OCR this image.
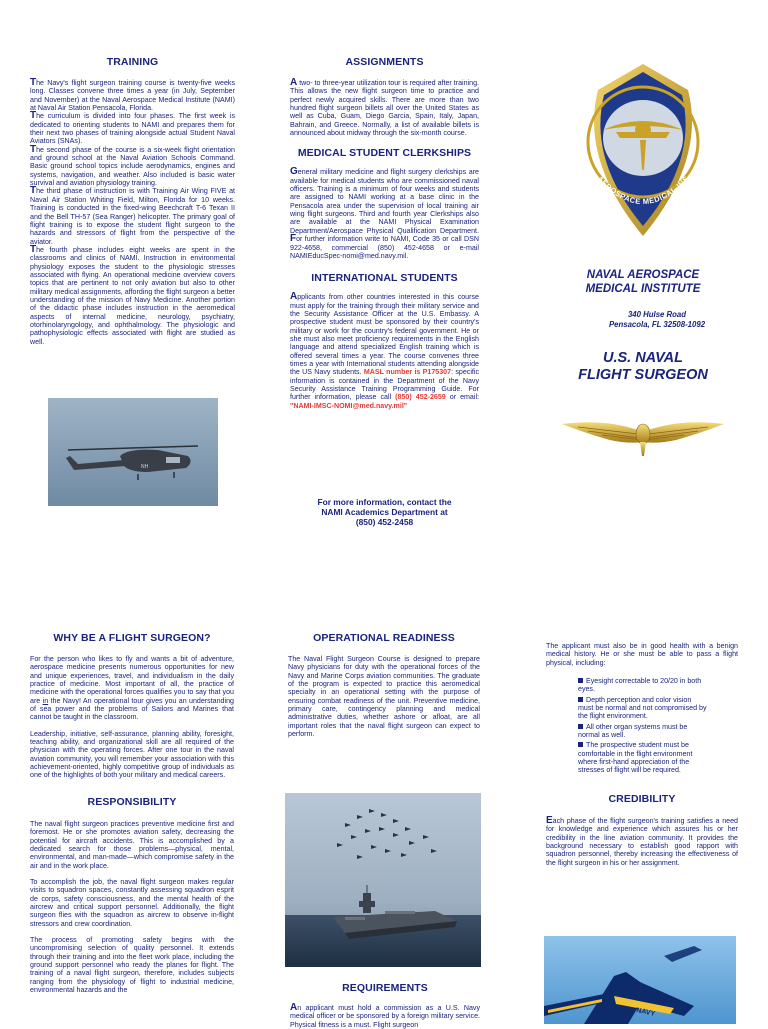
TRAINING

The Navy's flight surgeon training course is twenty-five weeks long. Classes convene three times a year (in July, September and November) at the Naval Aerospace Medical Institute (NAMI) at Naval Air Station Pensacola, Florida.

The curriculum is divided into four phases. The first week is dedicated to orienting students to NAMI and prepares them for their next two phases of training alongside actual Student Naval Aviators (SNAs).

The second phase of the course is a six-week flight orientation and ground school at the Naval Aviation Schools Command. Basic ground school topics include aerodynamics, engines and systems, navigation, and weather. Also included is basic water survival and aviation physiology training.

The third phase of instruction is with Training Air Wing FIVE at Naval Air Station Whiting Field, Milton, Florida for 10 weeks. Training is conducted in the fixed-wing Beechcraft T-6 Texan II and the Bell TH-57 (Sea Ranger) helicopter. The primary goal of flight training is to expose the student flight surgeon to the hazards and stressors of flight from the perspective of the aviator.

The fourth phase includes eight weeks are spent in the classrooms and clinics of NAMI. Instruction in environmental physiology exposes the student to the physiologic stresses associated with flying. An operational medicine overview covers topics that are pertinent to not only aviation but also to other military medical assignments, affording the flight surgeon a better understanding of the mission of Navy Medicine. Another portion of the didactic phase includes instruction in the aeromedical aspects of internal medicine, neurology, psychiatry, otorhinolaryngology, and ophthalmology. The physiologic and pathophysiologic effects associated with flight are studied as well.

NH
ASSIGNMENTS

A two- to three-year utilization tour is required after training. This allows the new flight surgeon time to practice and perfect newly acquired skills. There are more than two hundred flight surgeon billets all over the United States as well as Cuba, Guam, Diego Garcia, Spain, Italy, Japan, Bahrain, and Greece. Normally, a list of available billets is announced about midway through the six-month course.

MEDICAL STUDENT CLERKSHIPS

General military medicine and flight surgery clerkships are available for medical students who are commissioned naval officers. Training is a minimum of four weeks and students are assigned to NAMI working at a base clinic in the Pensacola area under the supervision of local training air wing flight surgeons. Third and fourth year Clerkships also are available at the NAMI Physical Examination Department/Aerospace Physical Qualification Department. For further information write to NAMI, Code 35 or call DSN 922-4658, commercial (850) 452-4658 or e-mail NAMIEducSpec-nomi@med.navy.mil.

INTERNATIONAL STUDENTS

Applicants from other countries interested in this course must apply for the training through their military service and the Security Assistance Officer at the U.S. Embassy. A prospective student must be sponsored by their country's military or work for the country's federal government. He or she must also meet proficiency requirements in the English language and attend specialized English training which is offered several times a year. The course convenes three times a year with International students attending alongside the US Navy students. MASL number is P175307: specific information is contained in the Department of the Navy Security Assistance Training Programming Guide. For further information, please call (850) 452-2659 or email: "NAMI-IMSC-NOMI@med.navy.mil"

For more information, contact the
NAMI Academics Department at
(850) 452-2458
AEROSPACE MEDICAL INS
NAVAL AEROSPACE
MEDICAL INSTITUTE
340 Hulse Road
Pensacola, FL 32508-1092
U.S. NAVAL
FLIGHT SURGEON
WHY BE A FLIGHT SURGEON?

For the person who likes to fly and wants a bit of adventure, aerospace medicine presents numerous opportunities for new and unique experiences, travel, and individualism in the daily practice of medicine. Most important of all, the practice of medicine with the operational forces qualifies you to say that you are in the Navy! An operational tour gives you an understanding of sea power and the problems of Sailors and Marines that cannot be taught in the classroom.

Leadership, initiative, self-assurance, planning ability, foresight, teaching ability, and organizational skill are all required of the physician with the operating forces. After one tour in the naval aviation community, you will remember your association with this achievement-oriented, highly competitive group of individuals as one of the highlights of both your military and medical careers.

RESPONSIBILITY

The naval flight surgeon practices preventive medicine first and foremost. He or she promotes aviation safety, decreasing the potential for aircraft accidents. This is accomplished by a dedicated search for those problems—physical, mental, environmental, and man-made—which compromise safety in the air and in the work place.

To accomplish the job, the naval flight surgeon makes regular visits to squadron spaces, constantly assessing squadron esprit de corps, safety consciousness, and the mental health of the aircrew and critical support personnel. Additionally, the flight surgeon flies with the squadron as aircrew to observe in-flight stressors and crew coordination.

The process of promoting safety begins with the uncompromising selection of quality personnel. It extends through their training and into the fleet work place, including the ground support personnel who ready the planes for flight. The training of a naval flight surgeon, therefore, includes subjects ranging from the physiology of flight to industrial medicine, environmental hazards and the

OPERATIONAL READINESS

The Naval Flight Surgeon Course is designed to prepare Navy physicians for duty with the operational forces of the Navy and Marine Corps aviation communities. The graduate of the program is expected to practice this aeromedical specialty in an operational setting with the purpose of ensuring combat readiness of the unit. Preventive medicine, primary care, contingency planning and medical administrative duties, whether ashore or afloat, are all important roles that the naval flight surgeon can expect to perform.

REQUIREMENTS

An applicant must hold a commission as a U.S. Navy medical officer or be sponsored by a foreign military service. Physical fitness is a must. Flight surgeon

The applicant must also be in good health with a benign medical history. He or she must be able to pass a flight physical, including:

Eyesight correctable to 20/20 in both eyes.
Depth perception and color vision must be normal and not compromised by the flight environment.
All other organ systems must be normal as well.
The prospective student must be comfortable in the flight environment where first-hand appreciation of the stresses of flight will be required.
CREDIBILITY

Each phase of the flight surgeon's training satisfies a need for knowledge and experience which assures his or her credibility in the line aviation community. It provides the background necessary to establish good rapport with squadron personnel, thereby increasing the effectiveness of the flight surgeon in his or her assignment.

NAVY
